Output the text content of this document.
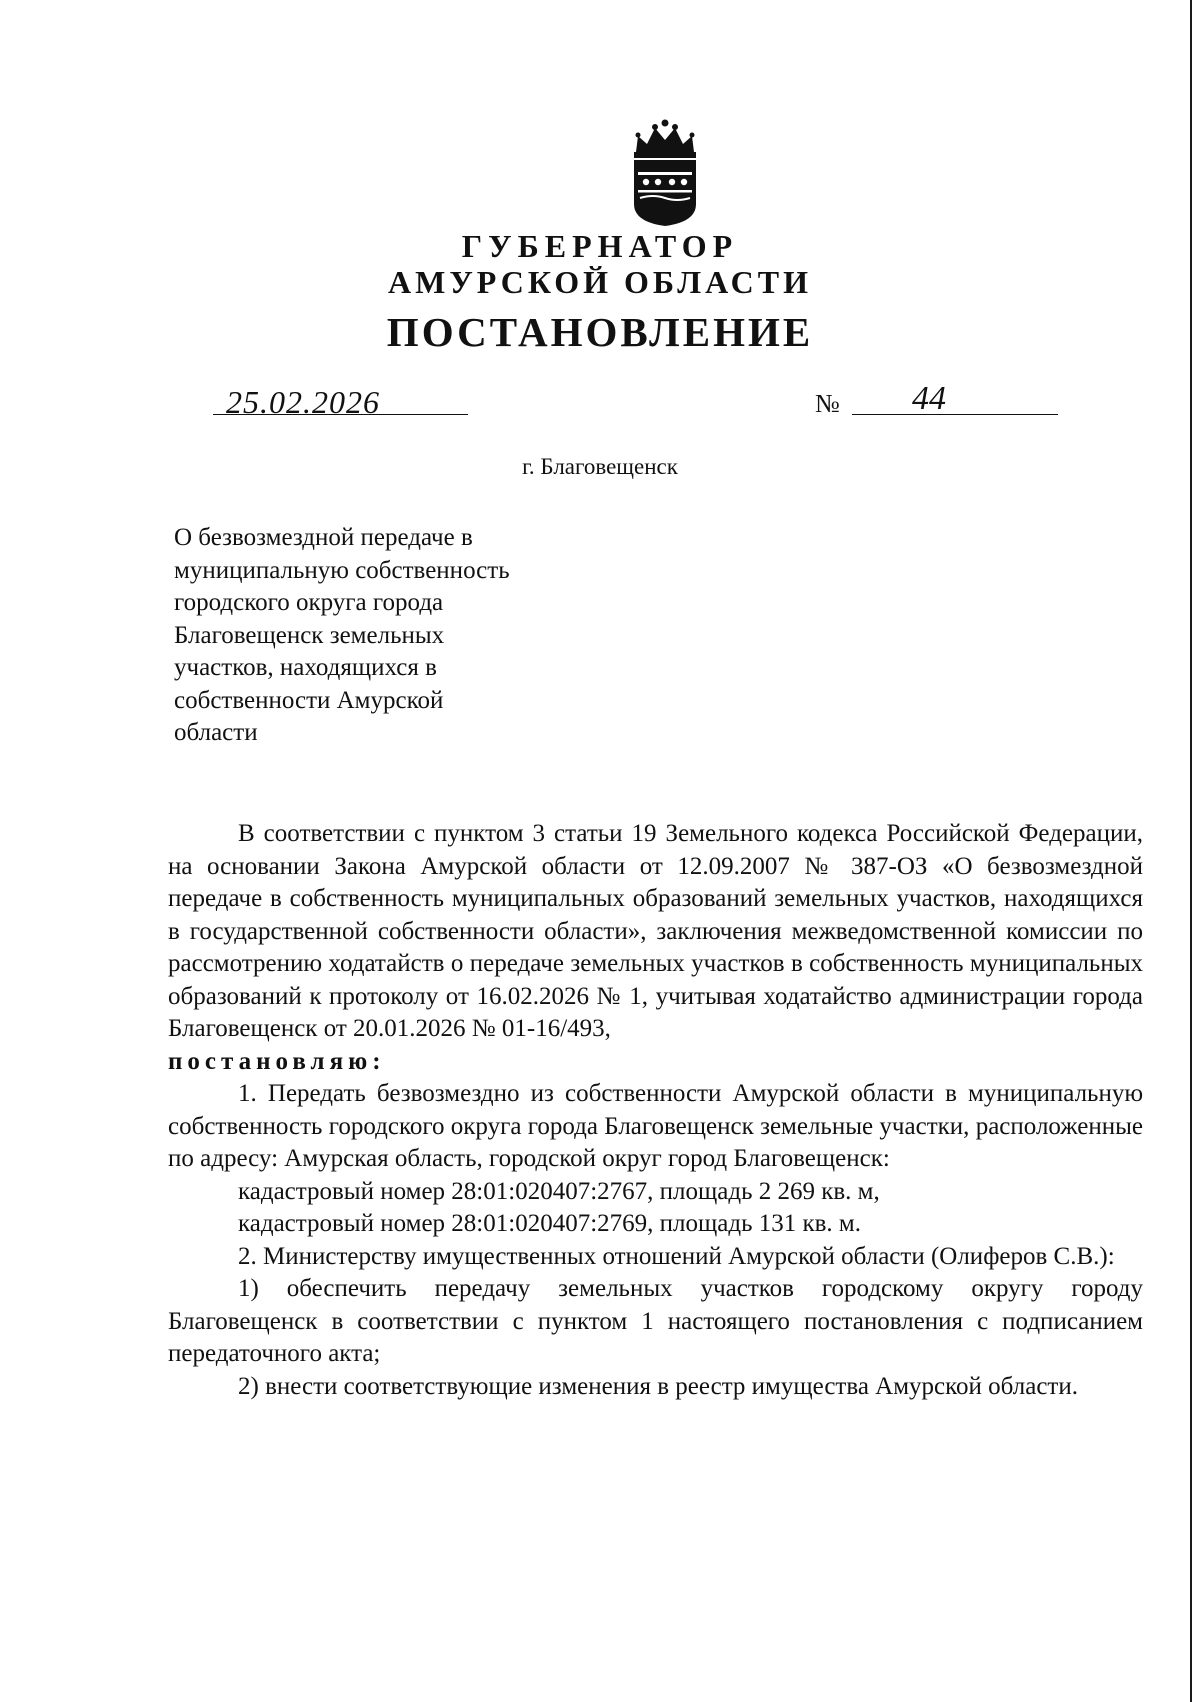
ГУБЕРНАТОР
АМУРСКОЙ ОБЛАСТИ
ПОСТАНОВЛЕНИЕ
25.02.2026	№ 44
г. Благовещенск
О безвозмездной передаче в
муниципальную собственность
городского округа города
Благовещенск земельных
участков, находящихся в
собственности Амурской
области

В соответствии с пунктом 3 статьи 19 Земельного кодекса Российской Федерации, на основании Закона Амурской области от 12.09.2007 № 387-ОЗ «О безвозмездной передаче в собственность муниципальных образований земельных участков, находящихся в государственной собственности области», заключения межведомственной комиссии по рассмотрению ходатайств о передаче земельных участков в собственность муниципальных образований к протоколу от 16.02.2026 № 1, учитывая ходатайство администрации города Благовещенск от 20.01.2026 № 01-16/493,

постановляю:

1. Передать безвозмездно из собственности Амурской области в муниципальную собственность городского округа города Благовещенск земельные участки, расположенные по адресу: Амурская область, городской округ город Благовещенск:

кадастровый номер 28:01:020407:2767, площадь 2 269 кв. м,

кадастровый номер 28:01:020407:2769, площадь 131 кв. м.

2. Министерству имущественных отношений Амурской области (Олиферов С.В.):

1) обеспечить передачу земельных участков городскому округу городу Благовещенск в соответствии с пунктом 1 настоящего постановления с подписанием передаточного акта;

2) внести соответствующие изменения в реестр имущества Амурской области.
